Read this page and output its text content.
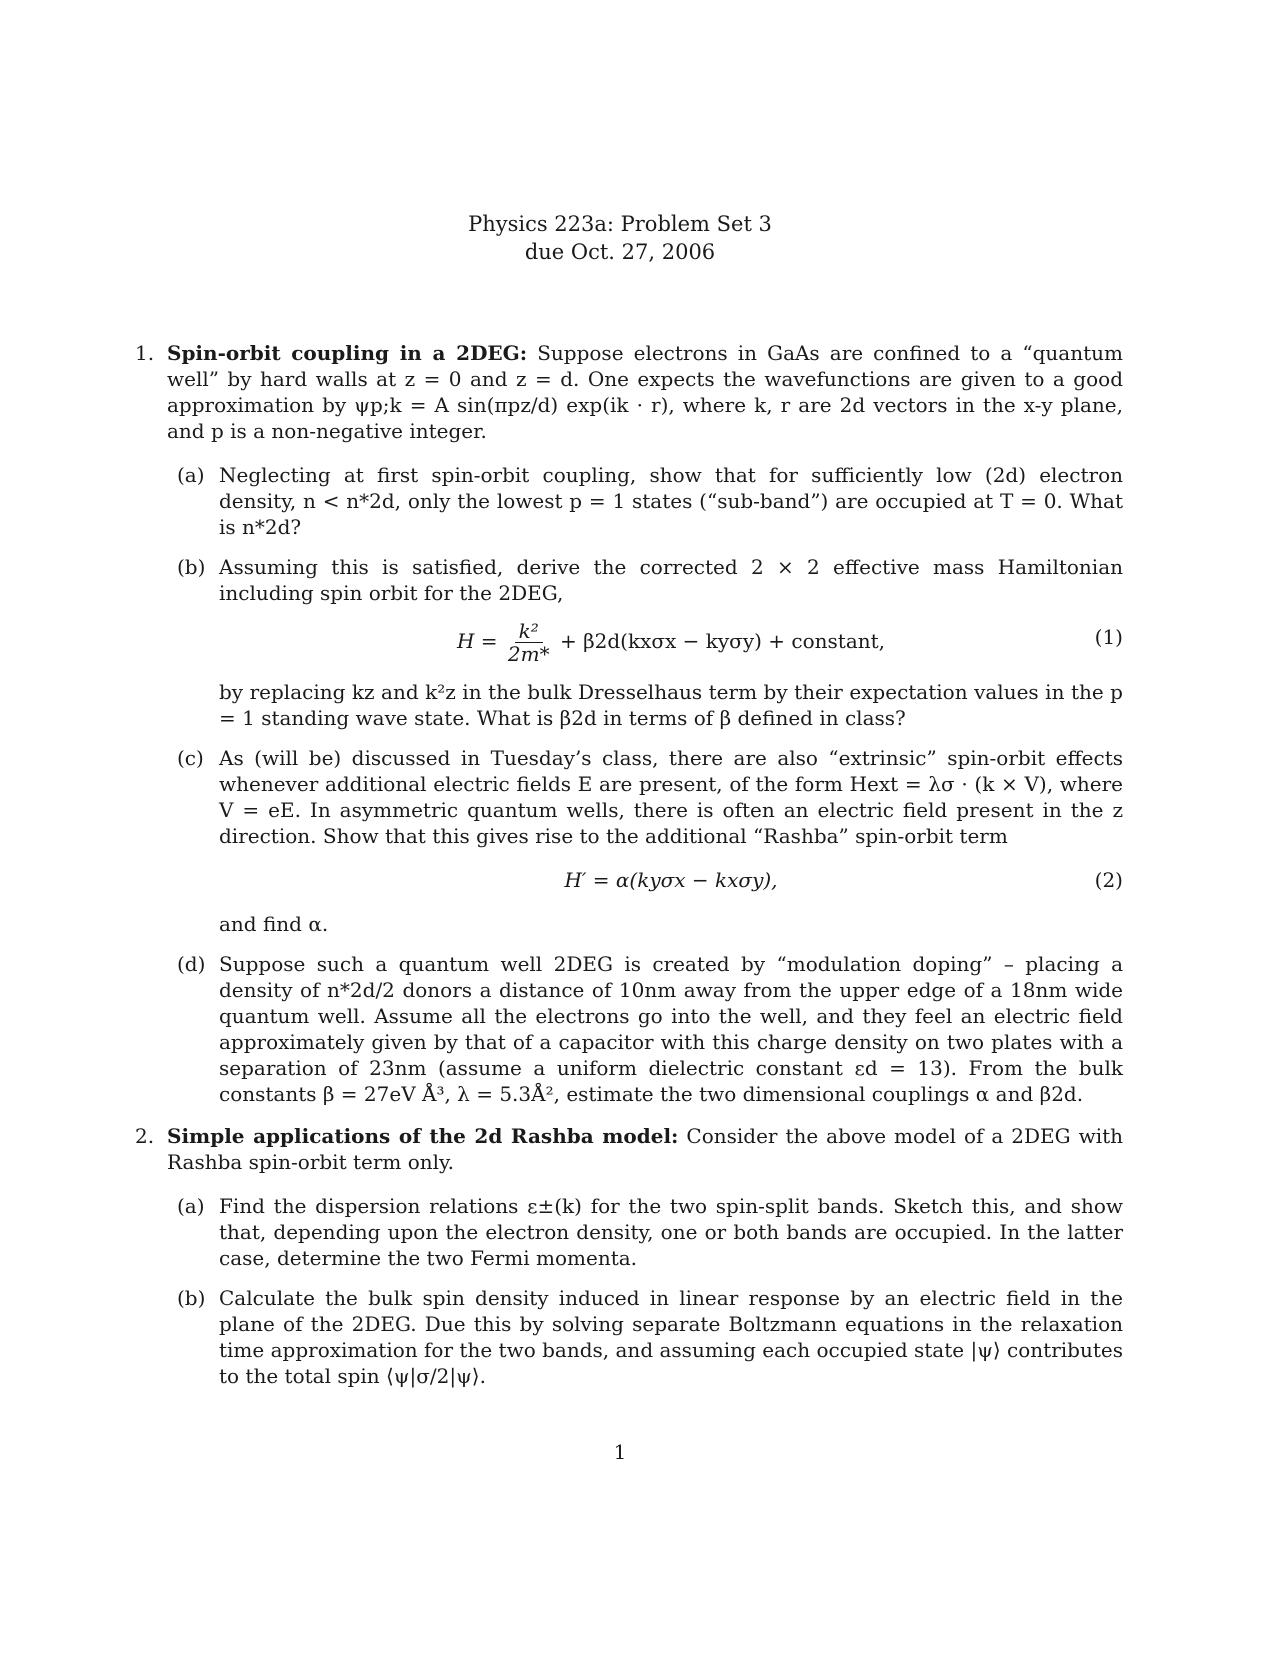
Physics 223a: Problem Set 3
due Oct. 27, 2006
1. Spin-orbit coupling in a 2DEG: Suppose electrons in GaAs are confined to a “quantum well” by hard walls at z = 0 and z = d. One expects the wavefunctions are given to a good approximation by ψp;k = A sin(πpz/d) exp(ik · r), where k, r are 2d vectors in the x-y plane, and p is a non-negative integer.
(a) Neglecting at first spin-orbit coupling, show that for sufficiently low (2d) electron density, n < n*2d, only the lowest p = 1 states (“sub-band”) are occupied at T = 0. What is n*2d?
(b) Assuming this is satisfied, derive the corrected 2 × 2 effective mass Hamiltonian including spin orbit for the 2DEG,
$H = \frac{\text{k²}}{2m*} + \beta 2d(kx\sigma x - ky\sigma y)$ + constant,	(1)
by replacing kz and k²z in the bulk Dresselhaus term by their expectation values in the p = 1 standing wave state. What is β2d in terms of β defined in class?
(c) As (will be) discussed in Tuesday’s class, there are also “extrinsic” spin-orbit effects whenever additional electric fields E are present, of the form Hext = λσ · (k × V), where V = eE. In asymmetric quantum wells, there is often an electric field present in the z direction. Show that this gives rise to the additional “Rashba” spin-orbit term
H′ = α(kyσx − kxσy),	(2)
and find α.
(d) Suppose such a quantum well 2DEG is created by “modulation doping” – placing a density of n*2d/2 donors a distance of 10nm away from the upper edge of a 18nm wide quantum well. Assume all the electrons go into the well, and they feel an electric field approximately given by that of a capacitor with this charge density on two plates with a separation of 23nm (assume a uniform dielectric constant εd = 13). From the bulk constants β = 27eV Å³, λ = 5.3Å², estimate the two dimensional couplings α and β2d.
2. Simple applications of the 2d Rashba model: Consider the above model of a 2DEG with Rashba spin-orbit term only.
(a) Find the dispersion relations ε±(k) for the two spin-split bands. Sketch this, and show that, depending upon the electron density, one or both bands are occupied. In the latter case, determine the two Fermi momenta.
(b) Calculate the bulk spin density induced in linear response by an electric field in the plane of the 2DEG. Due this by solving separate Boltzmann equations in the relaxation time approximation for the two bands, and assuming each occupied state |ψ⟩ contributes to the total spin ⟨ψ|σ/2|ψ⟩.
1
